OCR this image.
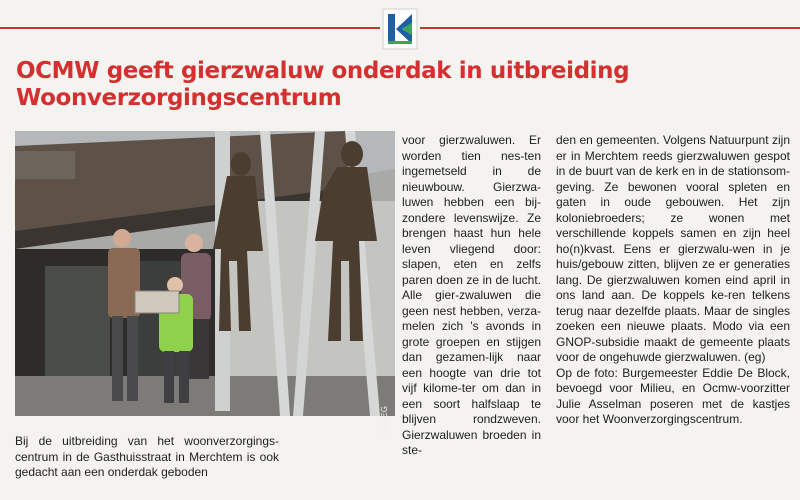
OCMW geeft gierzwaluw onderdak in uitbreiding Woonverzorgingscentrum
Foto EG

Bij de uitbreiding van het woonverzorgings-centrum in de Gasthuisstraat in Merchtem is ook gedacht aan een onderdak geboden

voor gierzwaluwen. Er worden tien nes-ten ingemetseld in de nieuwbouw. Gierzwa-luwen hebben een bij-zondere levenswijze. Ze brengen haast hun hele leven vliegend door: slapen, eten en zelfs paren doen ze in de lucht. Alle gier-zwaluwen die geen nest hebben, verza-melen zich 's avonds in grote groepen en stijgen dan gezamen-lijk naar een hoogte van drie tot vijf kilome-ter om dan in een soort halfslaap te blijven rondzweven. Gierzwaluwen broeden in ste-

den en gemeenten. Volgens Natuurpunt zijn er in Merchtem reeds gierzwaluwen gespot in de buurt van de kerk en in de stationsom-geving. Ze bewonen vooral spleten en gaten in oude gebouwen. Het zijn koloniebroeders; ze wonen met verschillende koppels samen en zijn heel ho(n)kvast. Eens er gierzwalu-wen in je huis/gebouw zitten, blijven ze er generaties lang. De gierzwaluwen komen eind april in ons land aan. De koppels ke-ren telkens terug naar dezelfde plaats. Maar de singles zoeken een nieuwe plaats. Modo via een GNOP-subsidie maakt de gemeente plaats voor de ongehuwde gierzwaluwen. (eg)

Op de foto: Burgemeester Eddie De Block, bevoegd voor Milieu, en Ocmw-voorzitter Julie Asselman poseren met de kastjes voor het Woonverzorgingscentrum.
